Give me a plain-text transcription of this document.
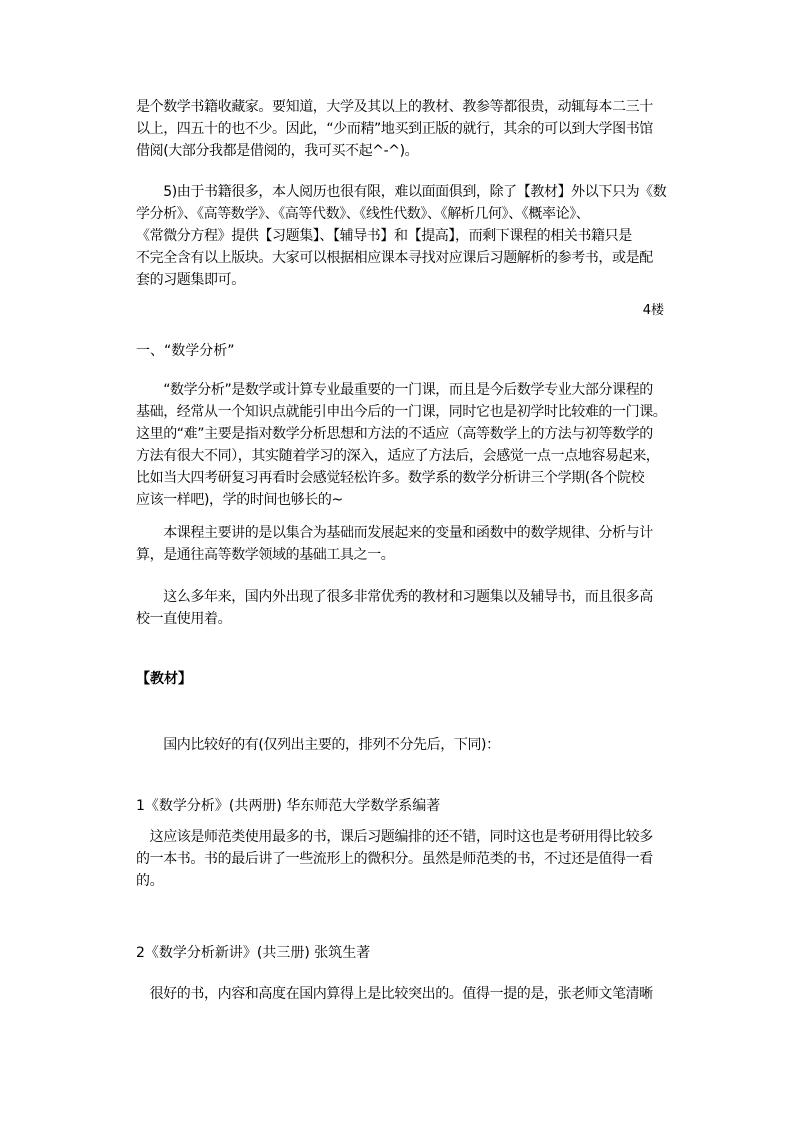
是个数学书籍收藏家。要知道，大学及其以上的教材、教参等都很贵，动辄每本二三十
以上，四五十的也不少。因此，“少而精”地买到正版的就行，其余的可以到大学图书馆
借阅(大部分我都是借阅的，我可买不起^-^)。
　　5)由于书籍很多，本人阅历也很有限，难以面面俱到，除了【教材】外以下只为《数
学分析》、《高等数学》、《高等代数》、《线性代数》、《解析几何》、《概率论》、
《常微分方程》提供【习题集】、【辅导书】和【提高】，而剩下课程的相关书籍只是
不完全含有以上版块。大家可以根据相应课本寻找对应课后习题解析的参考书，或是配
套的习题集即可。
4楼
一、“数学分析”
　　“数学分析”是数学或计算专业最重要的一门课，而且是今后数学专业大部分课程的
基础，经常从一个知识点就能引申出今后的一门课，同时它也是初学时比较难的一门课。
这里的“难”主要是指对数学分析思想和方法的不适应（高等数学上的方法与初等数学的
方法有很大不同），其实随着学习的深入，适应了方法后，会感觉一点一点地容易起来，
比如当大四考研复习再看时会感觉轻松许多。数学系的数学分析讲三个学期(各个院校
应该一样吧)，学的时间也够长的~
　　本课程主要讲的是以集合为基础而发展起来的变量和函数中的数学规律、分析与计
算，是通往高等数学领域的基础工具之一。
　　这么多年来，国内外出现了很多非常优秀的教材和习题集以及辅导书，而且很多高
校一直使用着。
【教材】
　　国内比较好的有(仅列出主要的，排列不分先后，下同)：
1《数学分析》(共两册) 华东师范大学数学系编著
　这应该是师范类使用最多的书，课后习题编排的还不错，同时这也是考研用得比较多
的一本书。书的最后讲了一些流形上的微积分。虽然是师范类的书，不过还是值得一看
的。
2《数学分析新讲》(共三册) 张筑生著
　很好的书，内容和高度在国内算得上是比较突出的。值得一提的是，张老师文笔清晰
